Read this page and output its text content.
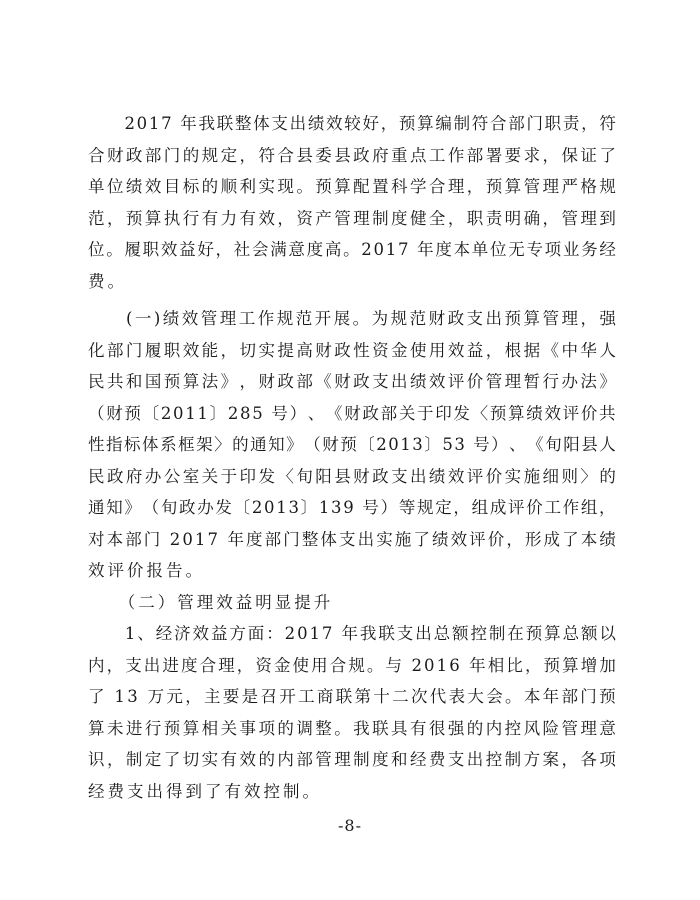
2 0 1 7
年 我 联 整 体 支 出 绩 效 较 好 ， 预 算 编 制 符 合 部 门 职 责 ， 符
合 财 政 部 门 的 规 定 ， 符 合 县 委 县 政 府 重 点 工 作 部 署 要 求 ， 保 证 了
单 位 绩 效 目 标 的 顺 利 实 现 。 预 算 配 置 科 学 合 理 ， 预 算 管 理 严 格 规
范 ， 预 算 执 行 有 力 有 效 ， 资 产 管 理 制 度 健 全 ， 职 责 明 确 ， 管 理 到
位 。 履 职 效 益 好 ， 社 会 满 意 度 高 。 2 0 1 7
年 度 本 单 位 无 专 项 业 务 经
费。

( 一 ) 绩 效 管 理 工 作 规 范 开 展 。 为 规 范 财 政 支 出 预 算 管 理 ， 强
化 部 门 履 职 效 能 ， 切 实 提 高 财 政 性 资 金 使 用 效 益 ， 根 据 《 中 华 人
民 共 和 国 预 算 法 》 ， 财 政 部 《 财 政 支 出 绩 效 评 价 管 理 暂 行 办 法 》
（ 财 预 〔 2 0 1 1 〕 2 8 5
号 ） 、 《 财 政 部 关 于 印 发 〈 预 算 绩 效 评 价 共
性 指 标 体 系 框 架 〉 的 通 知 》 （ 财 预 〔 2 0 1 3 〕 5 3
号 ） 、 《 旬 阳 县 人
民 政 府 办 公 室 关 于 印 发 〈 旬 阳 县 财 政 支 出 绩 效 评 价 实 施 细 则 〉 的
通 知 》 （ 旬 政 办 发 〔 2 0 1 3 〕 1 3 9
号 ） 等 规 定 ， 组 成 评 价 工 作 组 ，
对 本 部 门
2 0 1 7
年 度 部 门 整 体 支 出 实 施 了 绩 效 评 价 ， 形 成 了 本 绩
效评价报告。
　　（二）管理效益明显提升

1 、 经 济 效 益 方 面 ： 2 0 1 7
年 我 联 支 出 总 额 控 制 在 预 算 总 额 以
内 ， 支 出 进 度 合 理 ， 资 金 使 用 合 规 。 与
2 0 1 6
年 相 比 ， 预 算 增 加
了
1 3
万 元 ， 主 要 是 召 开 工 商 联 第 十 二 次 代 表 大 会 。 本 年 部 门 预
算 未 进 行 预 算 相 关 事 项 的 调 整 。 我 联 具 有 很 强 的 内 控 风 险 管 理 意
识 ， 制 定 了 切 实 有 效 的 内 部 管 理 制 度 和 经 费 支 出 控 制 方 案 ， 各 项
经费支出得到了有效控制。
-8-
